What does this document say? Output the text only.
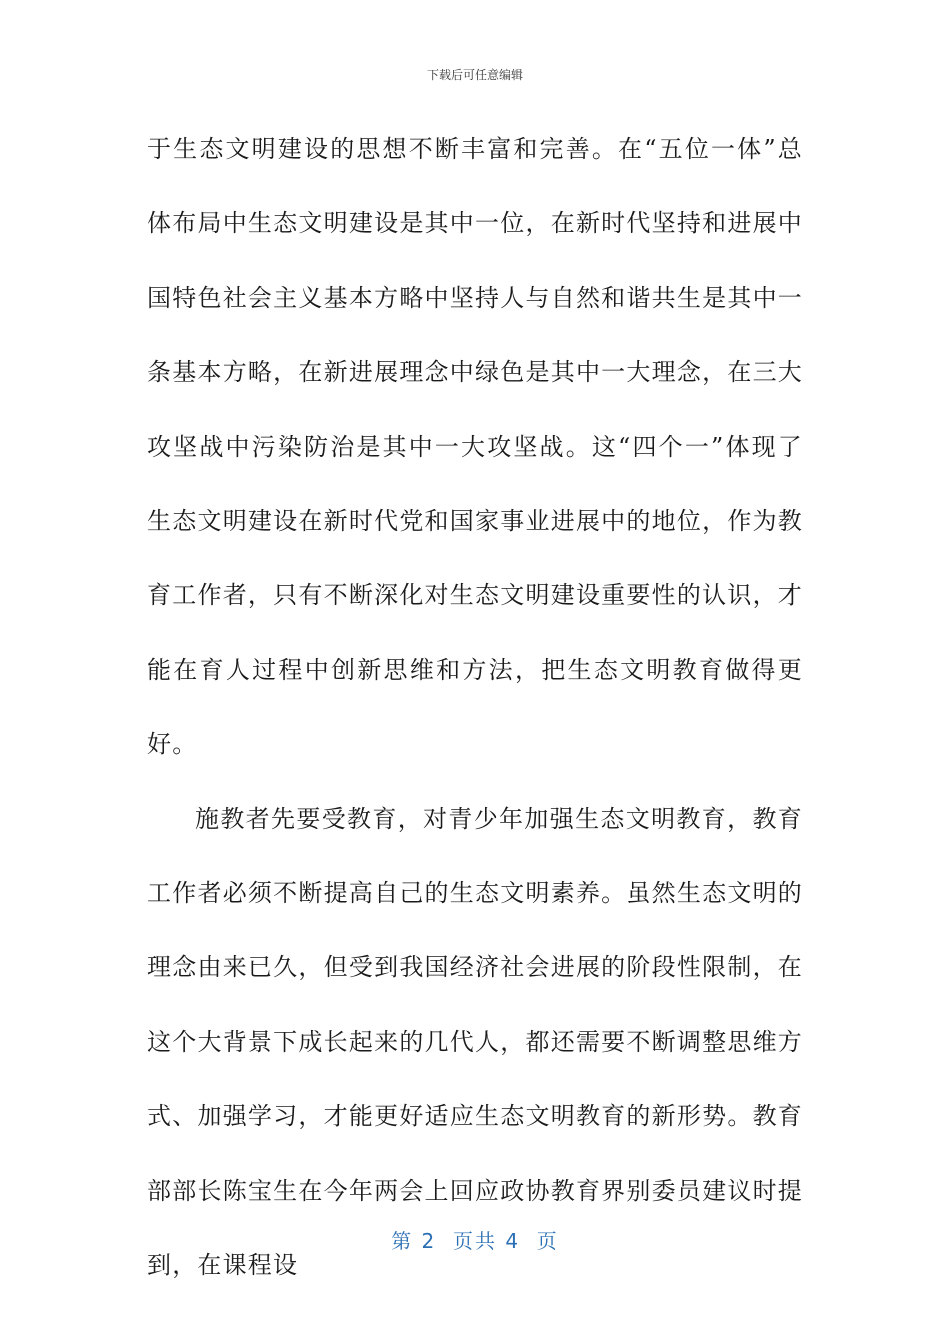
下载后可任意编辑

于生态文明建设的思想不断丰富和完善。在“五位一体”总体布局中生态文明建设是其中一位，在新时代坚持和进展中国特色社会主义基本方略中坚持人与自然和谐共生是其中一条基本方略，在新进展理念中绿色是其中一大理念，在三大攻坚战中污染防治是其中一大攻坚战。这“四个一”体现了生态文明建设在新时代党和国家事业进展中的地位，作为教育工作者，只有不断深化对生态文明建设重要性的认识，才能在育人过程中创新思维和方法，把生态文明教育做得更好。

施教者先要受教育，对青少年加强生态文明教育，教育工作者必须不断提高自己的生态文明素养。虽然生态文明的理念由来已久，但受到我国经济社会进展的阶段性限制，在这个大背景下成长起来的几代人，都还需要不断调整思维方式、加强学习，才能更好适应生态文明教育的新形势。教育部部长陈宝生在今年两会上回应政协教育界别委员建议时提到，在课程设

第 2  页共 4  页
